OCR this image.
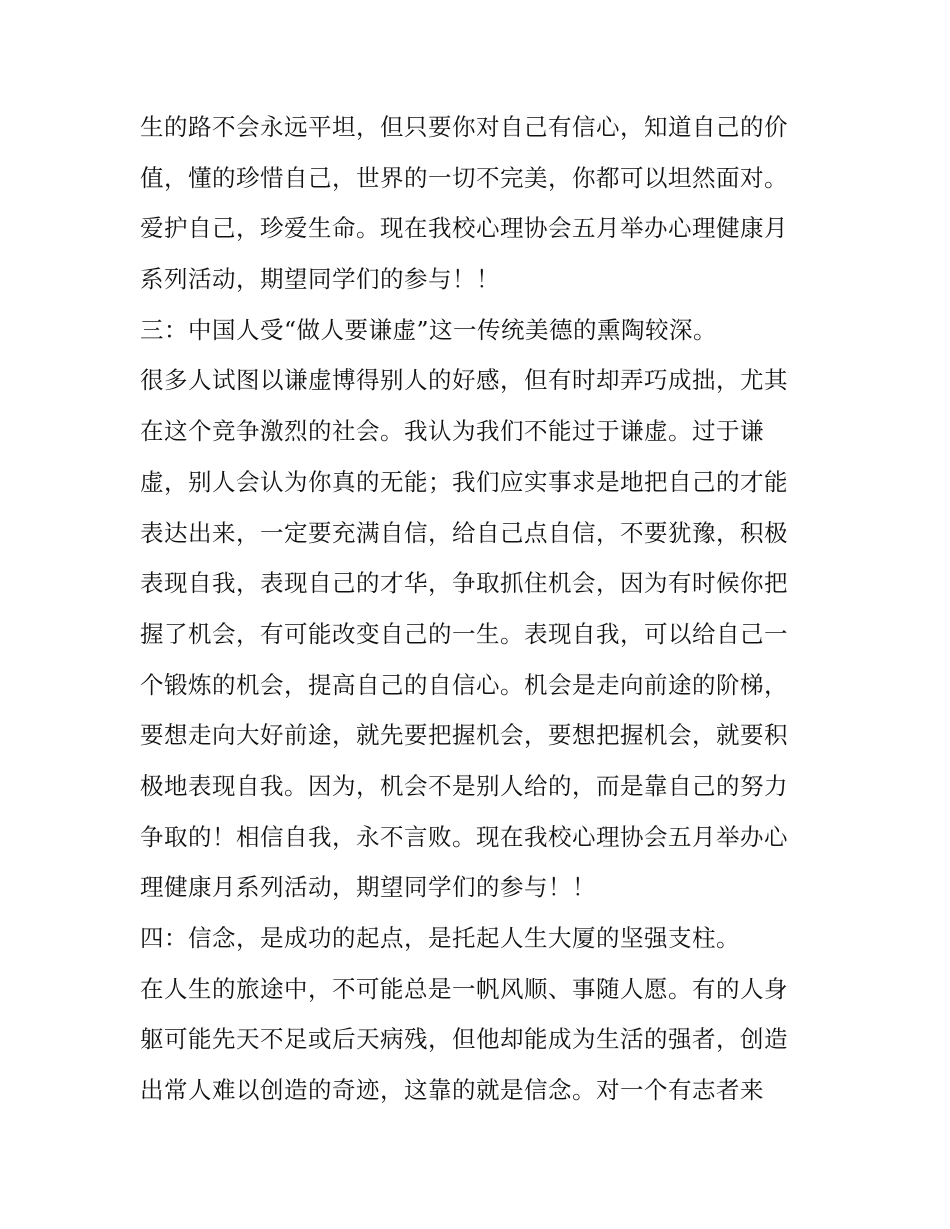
生的路不会永远平坦，但只要你对自己有信心，知道自己的价
值，懂的珍惜自己，世界的一切不完美，你都可以坦然面对。
爱护自己，珍爱生命。现在我校心理协会五月举办心理健康月
系列活动，期望同学们的参与！！
三：中国人受“做人要谦虚”这一传统美德的熏陶较深。
很多人试图以谦虚博得别人的好感，但有时却弄巧成拙，尤其
在这个竞争激烈的社会。我认为我们不能过于谦虚。过于谦
虚，别人会认为你真的无能；我们应实事求是地把自己的才能
表达出来，一定要充满自信，给自己点自信，不要犹豫，积极
表现自我，表现自己的才华，争取抓住机会，因为有时候你把
握了机会，有可能改变自己的一生。表现自我，可以给自己一
个锻炼的机会，提高自己的自信心。机会是走向前途的阶梯，
要想走向大好前途，就先要把握机会，要想把握机会，就要积
极地表现自我。因为，机会不是别人给的，而是靠自己的努力
争取的！相信自我，永不言败。现在我校心理协会五月举办心
理健康月系列活动，期望同学们的参与！！
四：信念，是成功的起点，是托起人生大厦的坚强支柱。
在人生的旅途中，不可能总是一帆风顺、事随人愿。有的人身
躯可能先天不足或后天病残，但他却能成为生活的强者，创造
出常人难以创造的奇迹，这靠的就是信念。对一个有志者来
